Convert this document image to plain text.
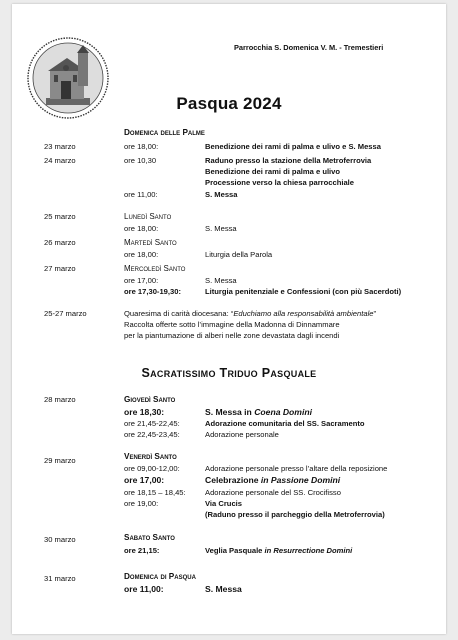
Parrocchia S. Domenica V. M. - Tremestieri
Pasqua 2024
Domenica delle Palme
23 marzo	ore 18,00:	Benedizione dei rami di palma e ulivo e S. Messa
24 marzo	ore 10,30	Raduno presso la stazione della Metroferrovia
Benedizione dei rami di palma e ulivo
Processione verso la chiesa parrocchiale
ore 11,00:	S. Messa
25 marzo	Lunedì Santo
ore 18,00:	S. Messa
26 marzo	Martedì Santo
ore 18,00:	Liturgia della Parola
27 marzo	Mercoledì Santo
ore 17,00:	S. Messa
ore 17,30-19,30:	Liturgia penitenziale e Confessioni (con più Sacerdoti)
25-27 marzo	Quaresima di carità diocesana: “Educhiamo alla responsabilità ambientale”
Raccolta offerte sotto l’immagine della Madonna di Dinnammare
per la piantumazione di alberi nelle zone devastata dagli incendi
Sacratissimo Triduo Pasquale
28 marzo	Giovedì Santo
ore 18,30:	S. Messa in Coena Domini
ore 21,45-22,45:	Adorazione comunitaria del SS. Sacramento
ore 22,45-23,45:	Adorazione personale
29 marzo	Venerdì Santo
ore 09,00-12,00:	Adorazione personale presso l’altare della reposizione
ore 17,00:	Celebrazione in Passione Domini
ore 18,15 – 18,45:	Adorazione personale del SS. Crocifisso
ore 19,00:	Via Crucis
(Raduno presso il parcheggio della Metroferrovia)
30 marzo	Sabato Santo
ore 21,15:	Veglia Pasquale in Resurrectione Domini
31 marzo	Domenica di Pasqua
ore 11,00:	S. Messa
